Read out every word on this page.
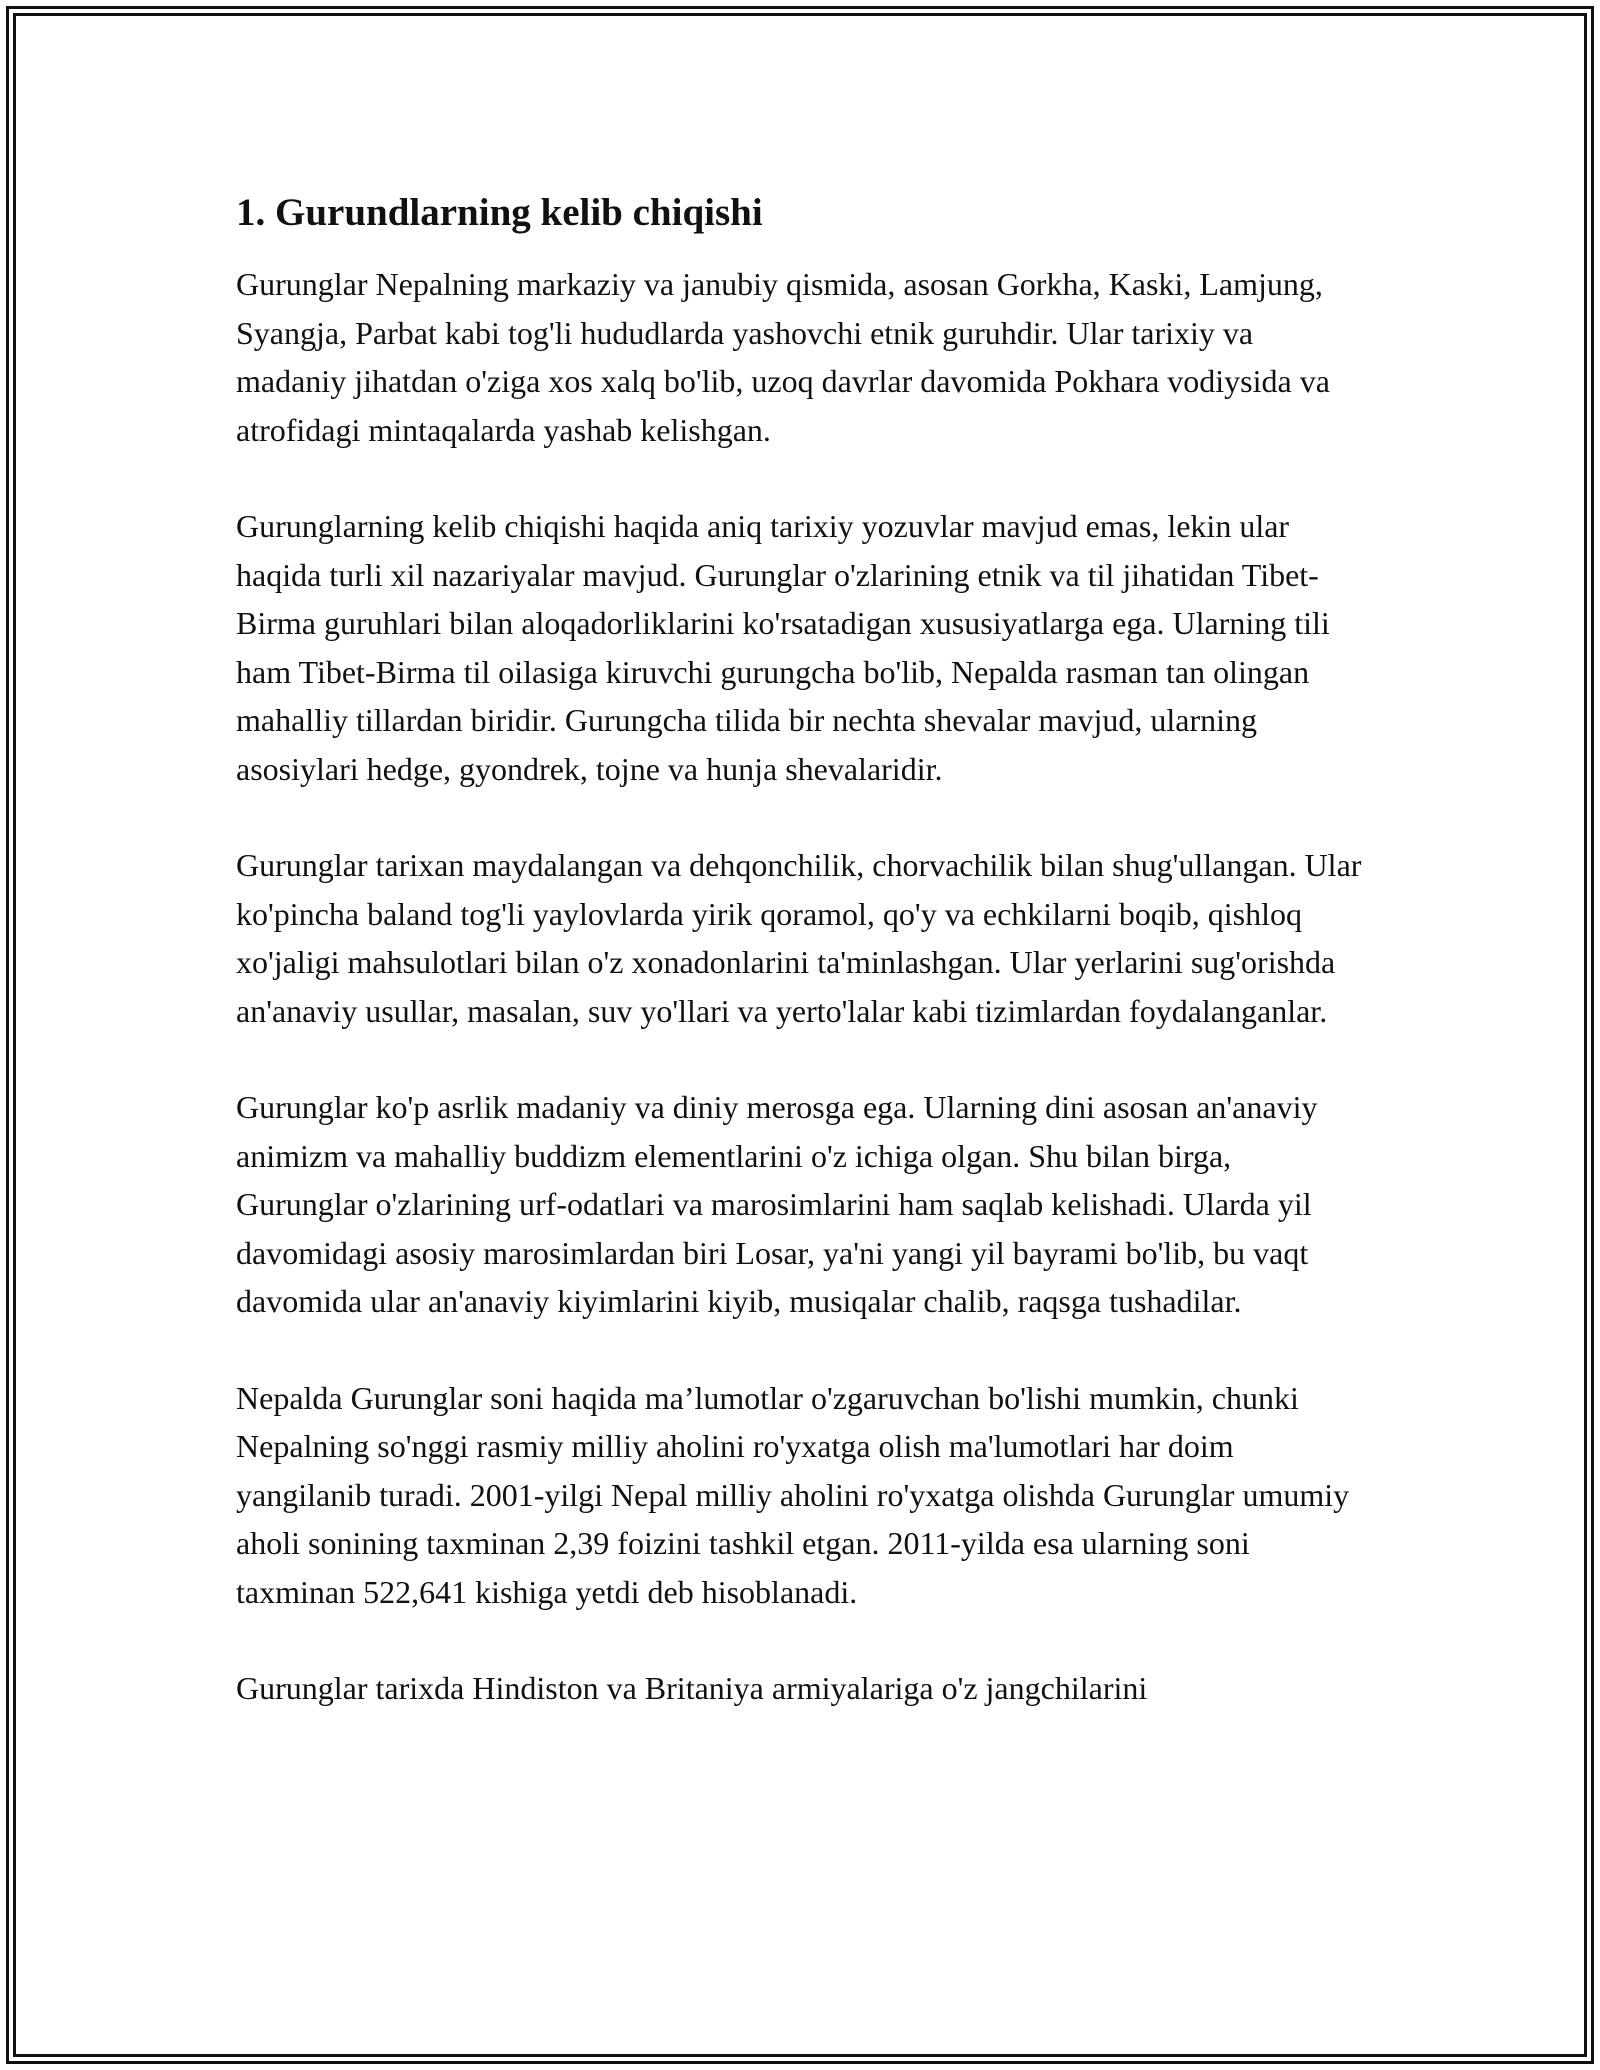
1. Gurundlarning kelib chiqishi

Gurunglar Nepalning markaziy va janubiy qismida, asosan Gorkha, Kaski, Lamjung, Syangja, Parbat kabi tog'li hududlarda yashovchi etnik guruhdir. Ular tarixiy va madaniy jihatdan o'ziga xos xalq bo'lib, uzoq davrlar davomida Pokhara vodiysida va atrofidagi mintaqalarda yashab kelishgan.

Gurunglarning kelib chiqishi haqida aniq tarixiy yozuvlar mavjud emas, lekin ular haqida turli xil nazariyalar mavjud. Gurunglar o'zlarining etnik va til jihatidan Tibet-Birma guruhlari bilan aloqadorliklarini ko'rsatadigan xususiyatlarga ega. Ularning tili ham Tibet-Birma til oilasiga kiruvchi gurungcha bo'lib, Nepalda rasman tan olingan mahalliy tillardan biridir. Gurungcha tilida bir nechta shevalar mavjud, ularning asosiylari hedge, gyondrek, tojne va hunja shevalaridir.

Gurunglar tarixan maydalangan va dehqonchilik, chorvachilik bilan shug'ullangan. Ular ko'pincha baland tog'li yaylovlarda yirik qoramol, qo'y va echkilarni boqib, qishloq xo'jaligi mahsulotlari bilan o'z xonadonlarini ta'minlashgan. Ular yerlarini sug'orishda an'anaviy usullar, masalan, suv yo'llari va yerto'lalar kabi tizimlardan foydalanganlar.

Gurunglar ko'p asrlik madaniy va diniy merosga ega. Ularning dini asosan an'anaviy animizm va mahalliy buddizm elementlarini o'z ichiga olgan. Shu bilan birga, Gurunglar o'zlarining urf-odatlari va marosimlarini ham saqlab kelishadi. Ularda yil davomidagi asosiy marosimlardan biri Losar, ya'ni yangi yil bayrami bo'lib, bu vaqt davomida ular an'anaviy kiyimlarini kiyib, musiqalar chalib, raqsga tushadilar.

Nepalda Gurunglar soni haqida ma’lumotlar o'zgaruvchan bo'lishi mumkin, chunki Nepalning so'nggi rasmiy milliy aholini ro'yxatga olish ma'lumotlari har doim yangilanib turadi. 2001-yilgi Nepal milliy aholini ro'yxatga olishda Gurunglar umumiy aholi sonining taxminan 2,39 foizini tashkil etgan. 2011-yilda esa ularning soni taxminan 522,641 kishiga yetdi deb hisoblanadi.

Gurunglar tarixda Hindiston va Britaniya armiyalariga o'z jangchilarini
